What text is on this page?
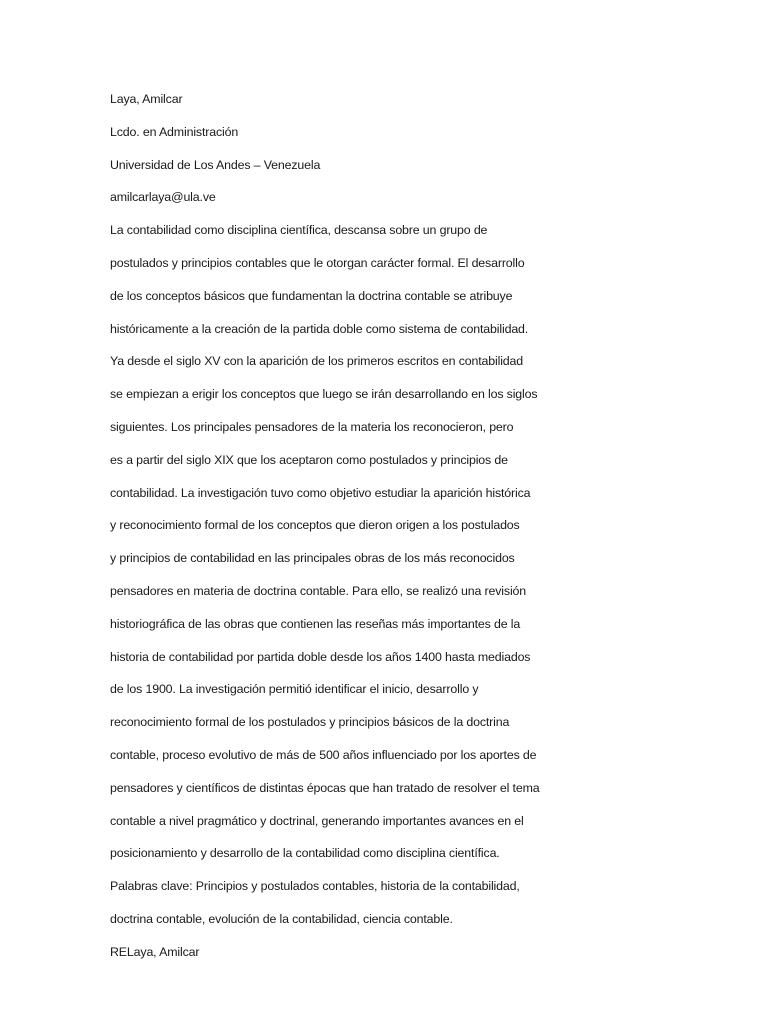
Laya, Amilcar
Lcdo. en Administración
Universidad de Los Andes – Venezuela
amilcarlaya@ula.ve
La contabilidad como disciplina científica, descansa sobre un grupo de
postulados y principios contables que le otorgan carácter formal. El desarrollo
de los conceptos básicos que fundamentan la doctrina contable se atribuye
históricamente a la creación de la partida doble como sistema de contabilidad.
Ya desde el siglo XV con la aparición de los primeros escritos en contabilidad
se empiezan a erigir los conceptos que luego se irán desarrollando en los siglos
siguientes. Los principales pensadores de la materia los reconocieron, pero
es a partir del siglo XIX que los aceptaron como postulados y principios de
contabilidad. La investigación tuvo como objetivo estudiar la aparición histórica
y reconocimiento formal de los conceptos que dieron origen a los postulados
y principios de contabilidad en las principales obras de los más reconocidos
pensadores en materia de doctrina contable. Para ello, se realizó una revisión
historiográfica de las obras que contienen las reseñas más importantes de la
historia de contabilidad por partida doble desde los años 1400 hasta mediados
de los 1900. La investigación permitió identificar el inicio, desarrollo y
reconocimiento formal de los postulados y principios básicos de la doctrina
contable, proceso evolutivo de más de 500 años influenciado por los aportes de
pensadores y científicos de distintas épocas que han tratado de resolver el tema
contable a nivel pragmático y doctrinal, generando importantes avances en el
posicionamiento y desarrollo de la contabilidad como disciplina científica.
Palabras clave: Principios y postulados contables, historia de la contabilidad,
doctrina contable, evolución de la contabilidad, ciencia contable.
RELaya, Amilcar
